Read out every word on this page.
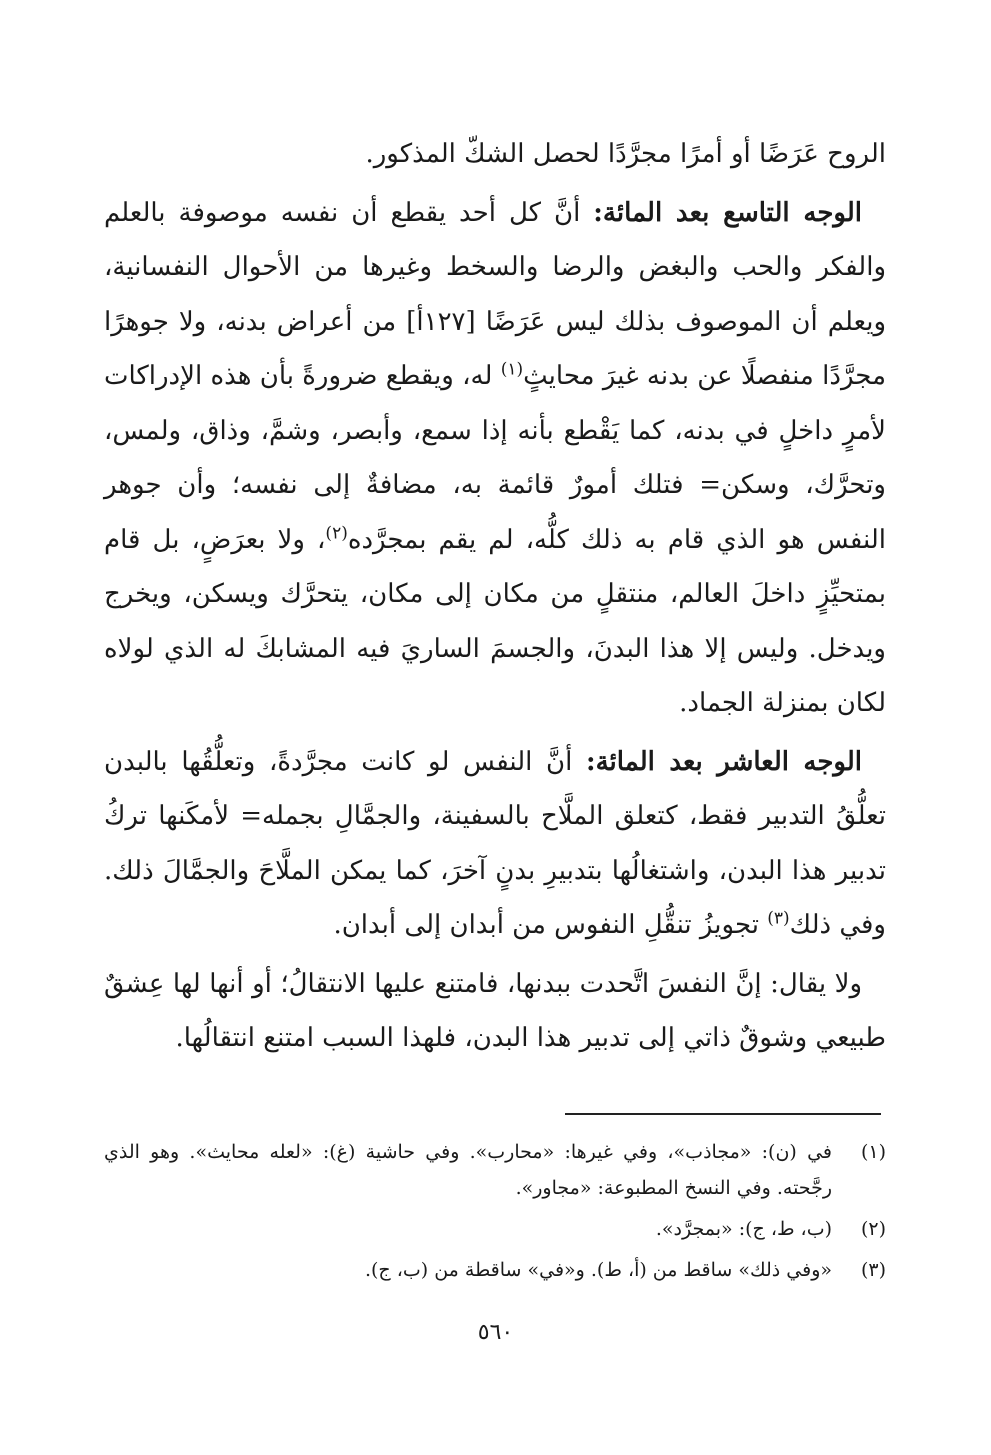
الروح عَرَضًا أو أمرًا مجرَّدًا لحصل الشكّ المذكور.

الوجه التاسع بعد المائة: أنَّ كل أحد يقطع أن نفسه موصوفة بالعلم والفكر والحب والبغض والرضا والسخط وغيرها من الأحوال النفسانية، ويعلم أن الموصوف بذلك ليس عَرَضًا [١٢٧أ] من أعراض بدنه، ولا جوهرًا مجرَّدًا منفصلًا عن بدنه غيرَ محايثٍ$^{(١)}$ له، ويقطع ضرورةً بأن هذه الإدراكات لأمرٍ داخلٍ في بدنه، كما يَقْطع بأنه إذا سمع، وأبصر، وشمَّ، وذاق، ولمس، وتحرَّك، وسكن= فتلك أمورٌ قائمة به، مضافةٌ إلى نفسه؛ وأن جوهر النفس هو الذي قام به ذلك كلُّه، لم يقم بمجرَّده$^{(٢)}$، ولا بعرَضٍ، بل قام بمتحيِّزٍ داخلَ العالم، منتقلٍ من مكان إلى مكان، يتحرَّك ويسكن، ويخرج ويدخل. وليس إلا هذا البدنَ، والجسمَ الساريَ فيه المشابكَ له الذي لولاه لكان بمنزلة الجماد.

الوجه العاشر بعد المائة: أنَّ النفس لو كانت مجرَّدةً، وتعلُّقُها بالبدن تعلُّقُ التدبير فقط، كتعلق الملَّاح بالسفينة، والجمَّالِ بجمله= لأمكَنها تركُ تدبير هذا البدن، واشتغالُها بتدبيرِ بدنٍ آخرَ، كما يمكن الملَّاحَ والجمَّالَ ذلك. وفي ذلك$^{(٣)}$ تجويزُ تنقُّلِ النفوس من أبدان إلى أبدان.

ولا يقال: إنَّ النفسَ اتَّحدت ببدنها، فامتنع عليها الانتقالُ؛ أو أنها لها عِشقٌ طبيعي وشوقٌ ذاتي إلى تدبير هذا البدن، فلهذا السبب امتنع انتقالُها.

(١)
في (ن): «مجاذب»، وفي غيرها: «محارب». وفي حاشية (غ): «لعله محايث». وهو الذي رجَّحته. وفي النسخ المطبوعة: «مجاور».
(٢)
(ب، ط، ج): «بمجرَّد».
(٣)
«وفي ذلك» ساقط من (أ، ط). و«في» ساقطة من (ب، ج).
٥٦٠
